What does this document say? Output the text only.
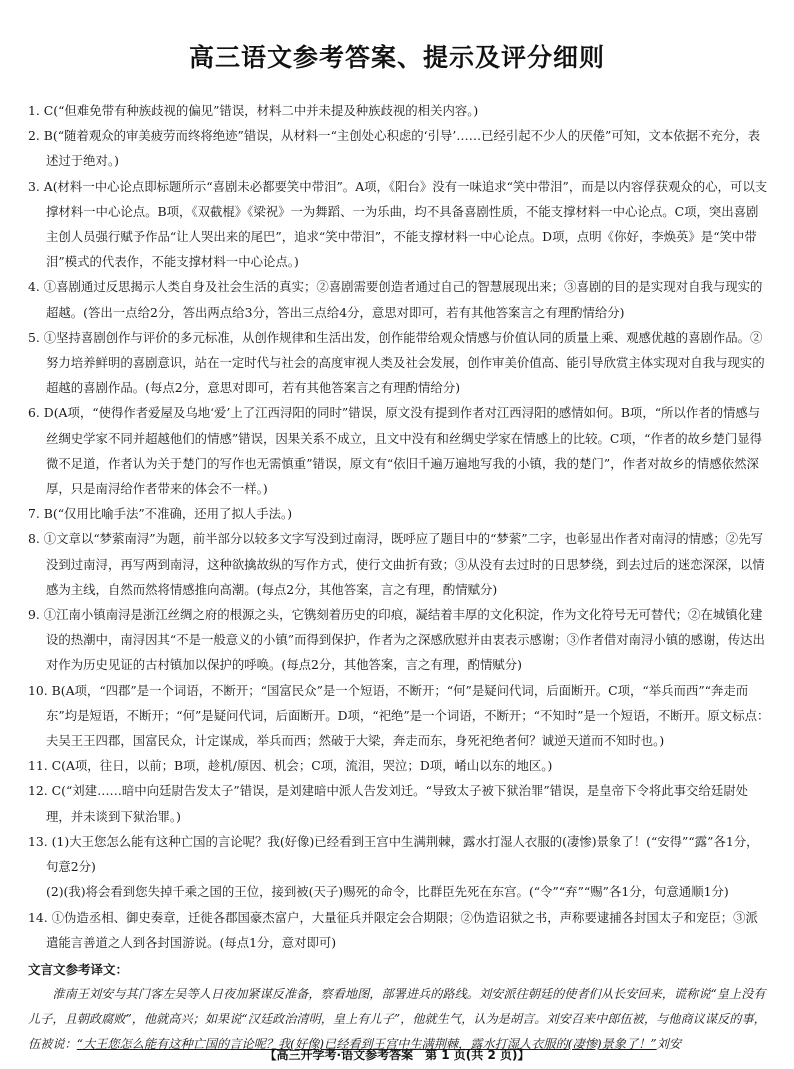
高三语文参考答案、提示及评分细则
1. C(“但难免带有种族歧视的偏见”错误，材料二中并未提及种族歧视的相关内容。)
2. B(“随着观众的审美疲劳而终将绝迹”错误，从材料一“主创处心积虑的‘引导’……已经引起不少人的厌倦”可知，文本依据不充分，表述过于绝对。)
3. A(材料一中心论点即标题所示“喜剧未必都要笑中带泪”。A项，《阳台》没有一味追求“笑中带泪”，而是以内容俘获观众的心，可以支撑材料一中心论点。B项，《双截棍》《梁祝》一为舞蹈、一为乐曲，均不具备喜剧性质，不能支撑材料一中心论点。C项，突出喜剧主创人员强行赋予作品“让人哭出来的尾巴”，追求“笑中带泪”，不能支撑材料一中心论点。D项，点明《你好，李焕英》是“笑中带泪”模式的代表作，不能支撑材料一中心论点。)
4. ①喜剧通过反思揭示人类自身及社会生活的真实；②喜剧需要创造者通过自己的智慧展现出来；③喜剧的目的是实现对自我与现实的超越。(答出一点给2分，答出两点给3分，答出三点给4分，意思对即可，若有其他答案言之有理酌情给分)
5. ①坚持喜剧创作与评价的多元标准，从创作规律和生活出发，创作能带给观众情感与价值认同的质量上乘、观感优越的喜剧作品。②努力培养鲜明的喜剧意识，站在一定时代与社会的高度审视人类及社会发展，创作审美价值高、能引导欣赏主体实现对自我与现实的超越的喜剧作品。(每点2分，意思对即可，若有其他答案言之有理酌情给分)
6. D(A项，“使得作者爱屋及乌地‘爱’上了江西浔阳的同时”错误，原文没有提到作者对江西浔阳的感情如何。B项，“所以作者的情感与丝绸史学家不同并超越他们的情感”错误，因果关系不成立，且文中没有和丝绸史学家在情感上的比较。C项，“作者的故乡楚门显得微不足道，作者认为关于楚门的写作也无需慎重”错误，原文有“依旧千遍万遍地写我的小镇，我的楚门”，作者对故乡的情感依然深厚，只是南浔给作者带来的体会不一样。)
7. B(“仅用比喻手法”不准确，还用了拟人手法。)
8. ①文章以“梦萦南浔”为题，前半部分以较多文字写没到过南浔，既呼应了题目中的“梦萦”二字，也彰显出作者对南浔的情感；②先写没到过南浔，再写两到南浔，这种欲擒故纵的写作方式，使行文曲折有致；③从没有去过时的日思梦绕，到去过后的迷恋深深，以情感为主线，自然而然将情感推向高潮。(每点2分，其他答案，言之有理，酌情赋分)
9. ①江南小镇南浔是浙江丝绸之府的根源之头，它镌刻着历史的印痕，凝结着丰厚的文化积淀，作为文化符号无可替代；②在城镇化建设的热潮中，南浔因其“不是一般意义的小镇”而得到保护，作者为之深感欣慰并由衷表示感谢；③作者借对南浔小镇的感谢，传达出对作为历史见证的古村镇加以保护的呼唤。(每点2分，其他答案，言之有理，酌情赋分)
10. B(A项，“四郡”是一个词语，不断开；“国富民众”是一个短语，不断开；“何”是疑问代词，后面断开。C项，“举兵而西”“奔走而东”均是短语，不断开；“何”是疑问代词，后面断开。D项，“祀绝”是一个词语，不断开；“不知时”是一个短语，不断开。原文标点：夫吴王王四郡，国富民众，计定谋成，举兵而西；然破于大梁，奔走而东，身死祀绝者何？诚逆天道而不知时也。)
11. C(A项，往日，以前；B项，趁机/原因、机会；C项，流泪，哭泣；D项，崤山以东的地区。)
12. C(“刘建……暗中向廷尉告发太子”错误，是刘建暗中派人告发刘迁。“导致太子被下狱治罪”错误，是皇帝下令将此事交给廷尉处理，并未谈到下狱治罪。)
13. (1)大王您怎么能有这种亡国的言论呢？我(好像)已经看到王宫中生满荆棘，露水打湿人衣服的(凄惨)景象了！(“安得”“露”各1分，句意2分)
(2)(我)将会看到您失掉千乘之国的王位，接到被(天子)赐死的命令，比群臣先死在东宫。(“令”“弃”“赐”各1分，句意通顺1分)
14. ①伪造丞相、御史奏章，迁徙各郡国豪杰富户，大量征兵并限定会合期限；②伪造诏狱之书，声称要逮捕各封国太子和宠臣；③派遣能言善道之人到各封国游说。(每点1分，意对即可)
文言文参考译文：
淮南王刘安与其门客左吴等人日夜加紧谋反准备，察看地图，部署进兵的路线。刘安派往朝廷的使者们从长安回来，谎称说“皇上没有儿子，且朝政腐败”，他就高兴；如果说“汉廷政治清明，皇上有儿子”，他就生气，认为是胡言。刘安召来中郎伍被，与他商议谋反的事，伍被说：“大王您怎么能有这种亡国的言论呢？我(好像)已经看到王宫中生满荆棘，露水打湿人衣服的(凄惨)景象了！”刘安
【高三开学考·语文参考答案　第 1 页(共 2 页)】
